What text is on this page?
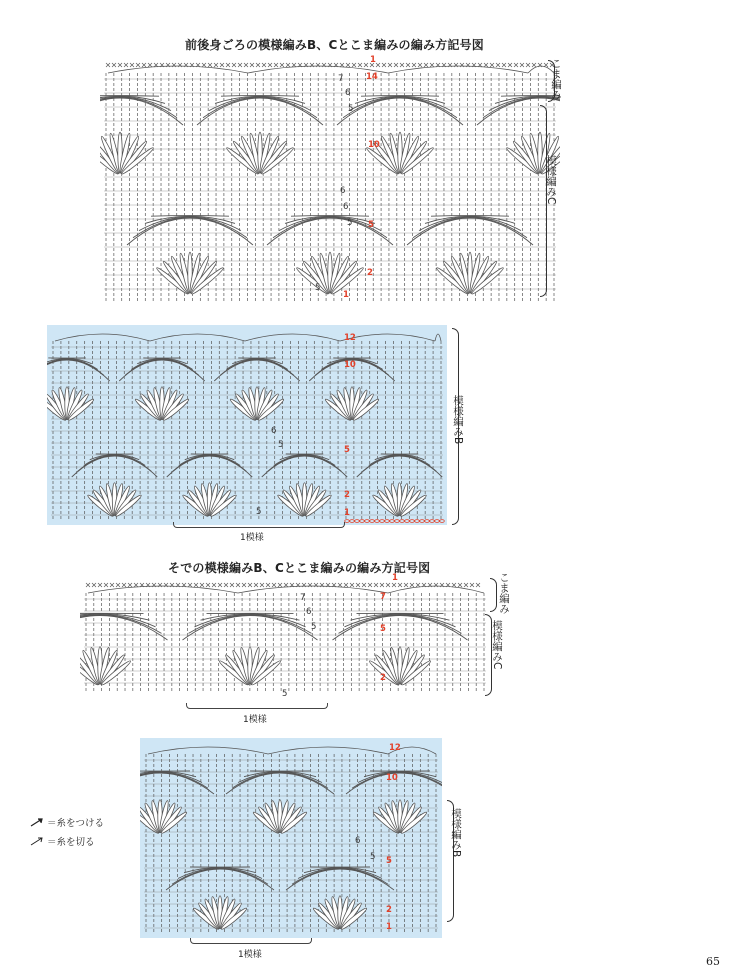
前後身ごろの模様編みB、Cとこま編みの編み方記号図
こま編み
模様編みC
模様編みB
1
14
7
6
5
10
6
6
5 5
2
5
1
12
10
6
5	5
2
5	1
1模様
そでの模様編みB、Cとこま編みの編み方記号図
こま編み
模様編みC
模様編みB
1
7
7
6
5	5
2
5
1模様
12
10
6
5 5
2
1
1模様
＝糸をつける
＝糸を切る
65
